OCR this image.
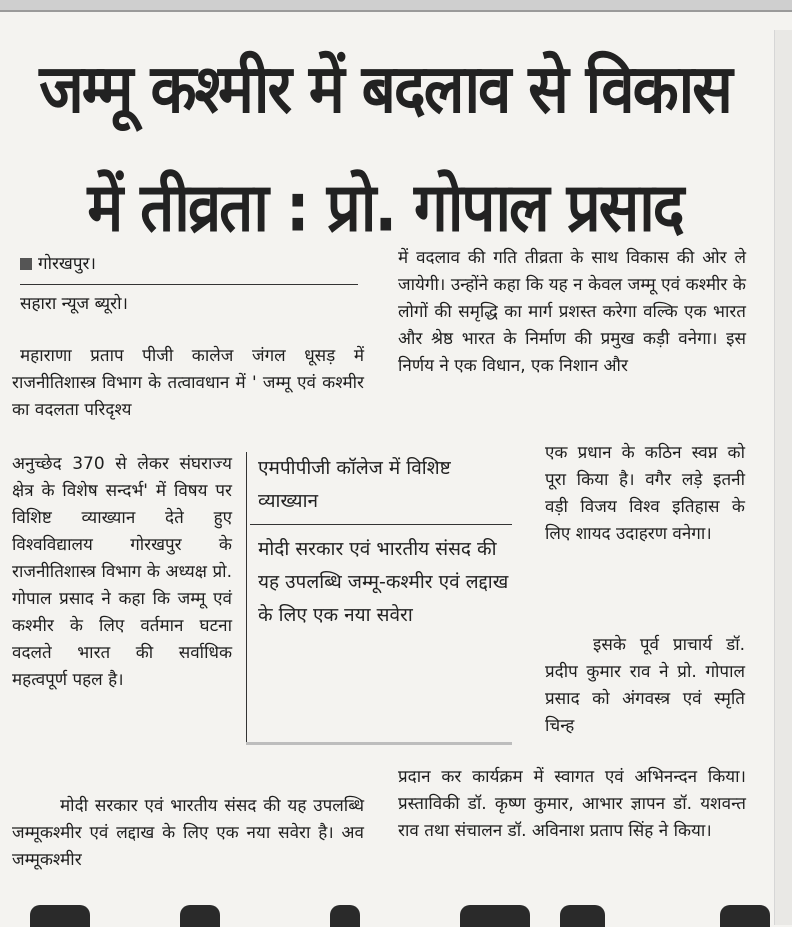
जम्मू कश्मीर में बदलाव से विकास
में तीव्रता : प्रो. गोपाल प्रसाद
गोरखपुर।
सहारा न्यूज ब्यूरो।
महाराणा प्रताप पीजी कालेज जंगल धूसड़ में राजनीतिशास्त्र विभाग के तत्वावधान में ' जम्मू एवं कश्मीर का वदलता परिदृश्य
अनुच्छेद 370 से लेकर संघराज्य क्षेत्र के विशेष सन्दर्भ' में विषय पर विशिष्ट व्याख्यान देते हुए विश्वविद्यालय गोरखपुर के राजनीतिशास्त्र विभाग के अध्यक्ष प्रो. गोपाल प्रसाद ने कहा कि जम्मू एवं कश्मीर के लिए वर्तमान घटना वदलते भारत की सर्वाधिक महत्वपूर्ण पहल है।
मोदी सरकार एवं भारतीय संसद की यह उपलब्धि जम्मूकश्मीर एवं लद्दाख के लिए एक नया सवेरा है। अव जम्मूकश्मीर
एमपीपीजी कॉलेज में विशिष्ट व्याख्यान
मोदी सरकार एवं भारतीय संसद की यह उपलब्धि जम्मू-कश्मीर एवं लद्दाख के लिए एक नया सवेरा
में वदलाव की गति तीव्रता के साथ विकास की ओर ले जायेगी। उन्होंने कहा कि यह न केवल जम्मू एवं कश्मीर के लोगों की समृद्धि का मार्ग प्रशस्त करेगा वल्कि एक भारत और श्रेष्ठ भारत के निर्माण की प्रमुख कड़ी वनेगा। इस निर्णय ने एक विधान, एक निशान और
एक प्रधान के कठिन स्वप्न को पूरा किया है। वगैर लड़े इतनी वड़ी विजय विश्व इतिहास के लिए शायद उदाहरण वनेगा।
इसके पूर्व प्राचार्य डॉ. प्रदीप कुमार राव ने प्रो. गोपाल प्रसाद को अंगवस्त्र एवं स्मृति चिन्ह
प्रदान कर कार्यक्रम में स्वागत एवं अभिनन्दन किया। प्रस्ताविकी डॉ. कृष्ण कुमार, आभार ज्ञापन डॉ. यशवन्त राव तथा संचालन डॉ. अविनाश प्रताप सिंह ने किया।
